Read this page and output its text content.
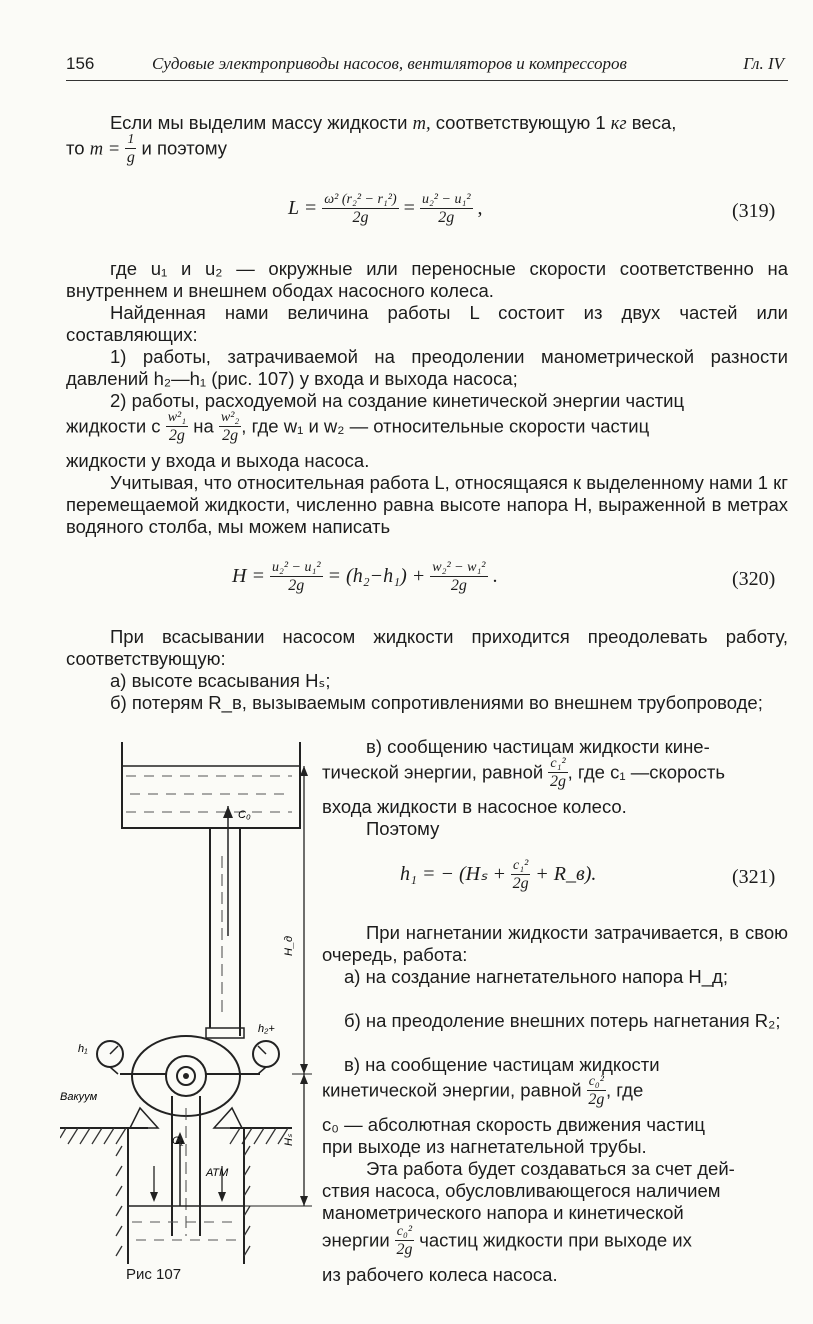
156	Судовые электроприводы насосов, вентиляторов и компрессоров	Гл. IV
Если мы выделим массу жидкости m, соответствующую 1 кг веса,
то $m = \frac{1}{g}$ и поэтому
$L = \frac{\text{ω² (r₂² − r₁²)}}{2g} = \frac{\text{u₂² − u₁²}}{2g}$ ,	(319)
где u₁ и u₂ — окружные или переносные скорости соответственно на внутреннем и внешнем ободах насосного колеса.
Найденная нами величина работы L состоит из двух частей или составляющих:
1) работы, затрачиваемой на преодолении манометрической разности давлений h₂—h₁ (рис. 107) у входа и выхода насоса;
2) работы, расходуемой на создание кинетической энергии частиц
жидкости с $\frac{\text{w²₁}}{2g}$ на $\frac{\text{w²₂}}{2g}$ , где w₁ и w₂ — относительные скорости частиц
жидкости у входа и выхода насоса.
Учитывая, что относительная работа L, относящаяся к выделенному нами 1 кг перемещаемой жидкости, численно равна высоте напора H, выраженной в метрах водяного столба, мы можем написать
$H = \frac{\text{u₂² − u₁²}}{2g} = (h_2-h_1) + \frac{\text{w₂² − w₁²}}{2g}$ .	(320)
При всасывании насосом жидкости приходится преодолевать работу, соответствующую:
а) высоте всасывания Hₛ;
б) потерям R_в, вызываемым сопротивлениями во внешнем трубопроводе;
в) сообщению частицам жидкости кине-
тической энергии, равной $\frac{\text{c₁²}}{2g}$ , где c₁ —скорость
входа жидкости в насосное колесо.
Поэтому
h₁ = − ($H_s + \frac{\text{c₁²}}{2g}$ + R_в).	(321)
При нагнетании жидкости затрачивается, в свою очередь, работа:
а) на создание нагнетательного напора H_д;
б) на преодоление внешних потерь нагнетания R₂;
в) на сообщение частицам жидкости
кинетической энергии, равной $\frac{\text{c₀²}}{2g}$ , где
c₀ — абсолютная скорость движения частиц
при выходе из нагнетательной трубы.
Эта работа будет создаваться за счет дей-
ствия насоса, обусловливающегося наличием
манометрического напора и кинетической
энергии $\frac{\text{c₀²}}{2g}$ частиц жидкости при выходе их
из рабочего колеса насоса.
C₀
h₁
Вакуум
h₂+
C₁
АТМ
H_д
Hₛ
Рис 107
